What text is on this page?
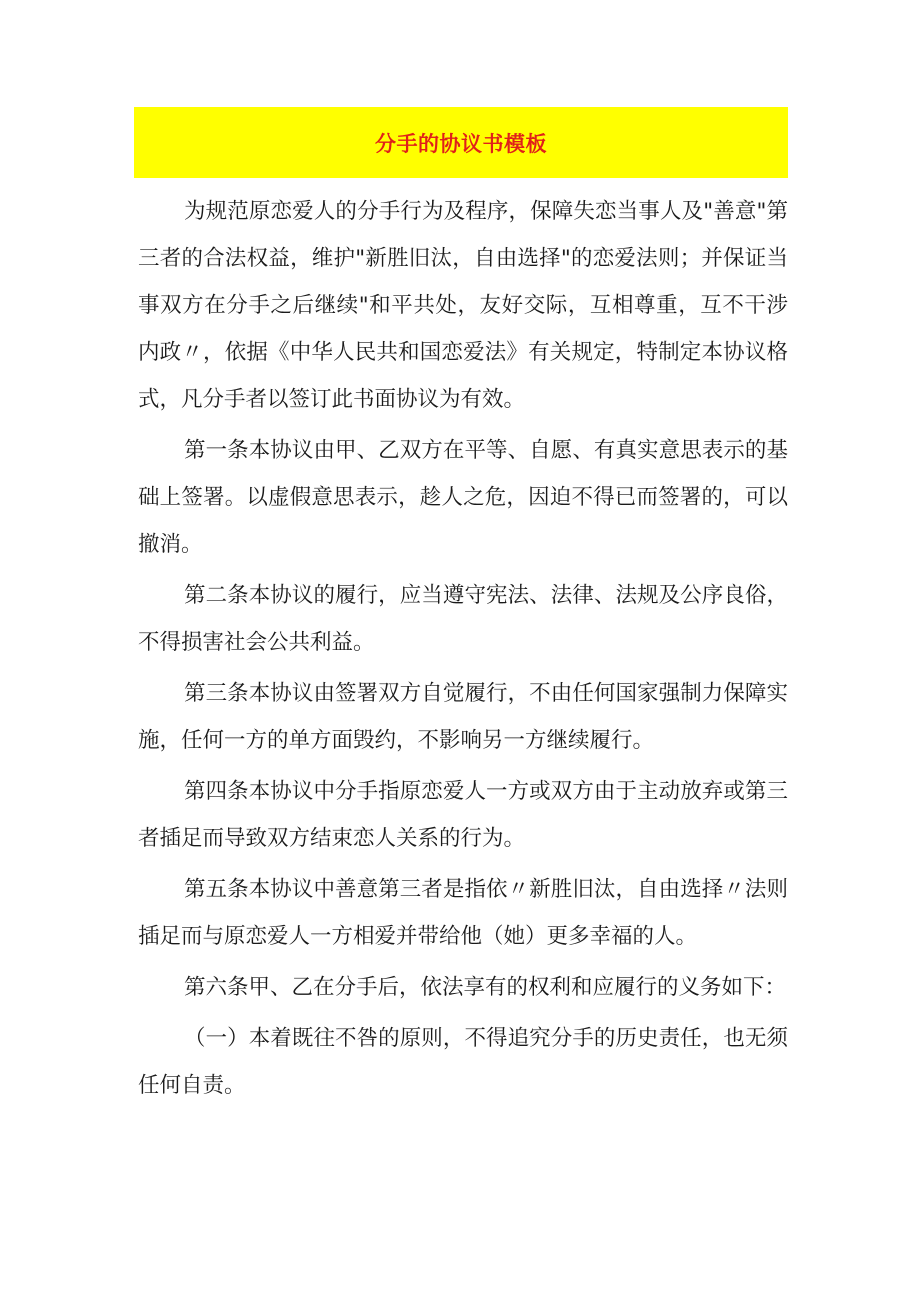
分手的协议书模板

为规范原恋爱人的分手行为及程序，保障失恋当事人及"善意"第三者的合法权益，维护"新胜旧汰，自由选择"的恋爱法则；并保证当事双方在分手之后继续"和平共处，友好交际，互相尊重，互不干涉内政〃，依据《中华人民共和国恋爱法》有关规定，特制定本协议格式，凡分手者以签订此书面协议为有效。

第一条本协议由甲、乙双方在平等、自愿、有真实意思表示的基础上签署。以虚假意思表示，趁人之危，因迫不得已而签署的，可以撤消。

第二条本协议的履行，应当遵守宪法、法律、法规及公序良俗，不得损害社会公共利益。

第三条本协议由签署双方自觉履行，不由任何国家强制力保障实施，任何一方的单方面毁约，不影响另一方继续履行。

第四条本协议中分手指原恋爱人一方或双方由于主动放弃或第三者插足而导致双方结束恋人关系的行为。

第五条本协议中善意第三者是指依〃新胜旧汰，自由选择〃法则插足而与原恋爱人一方相爱并带给他（她）更多幸福的人。

第六条甲、乙在分手后，依法享有的权利和应履行的义务如下：

（一）本着既往不咎的原则，不得追究分手的历史责任，也无须任何自责。
